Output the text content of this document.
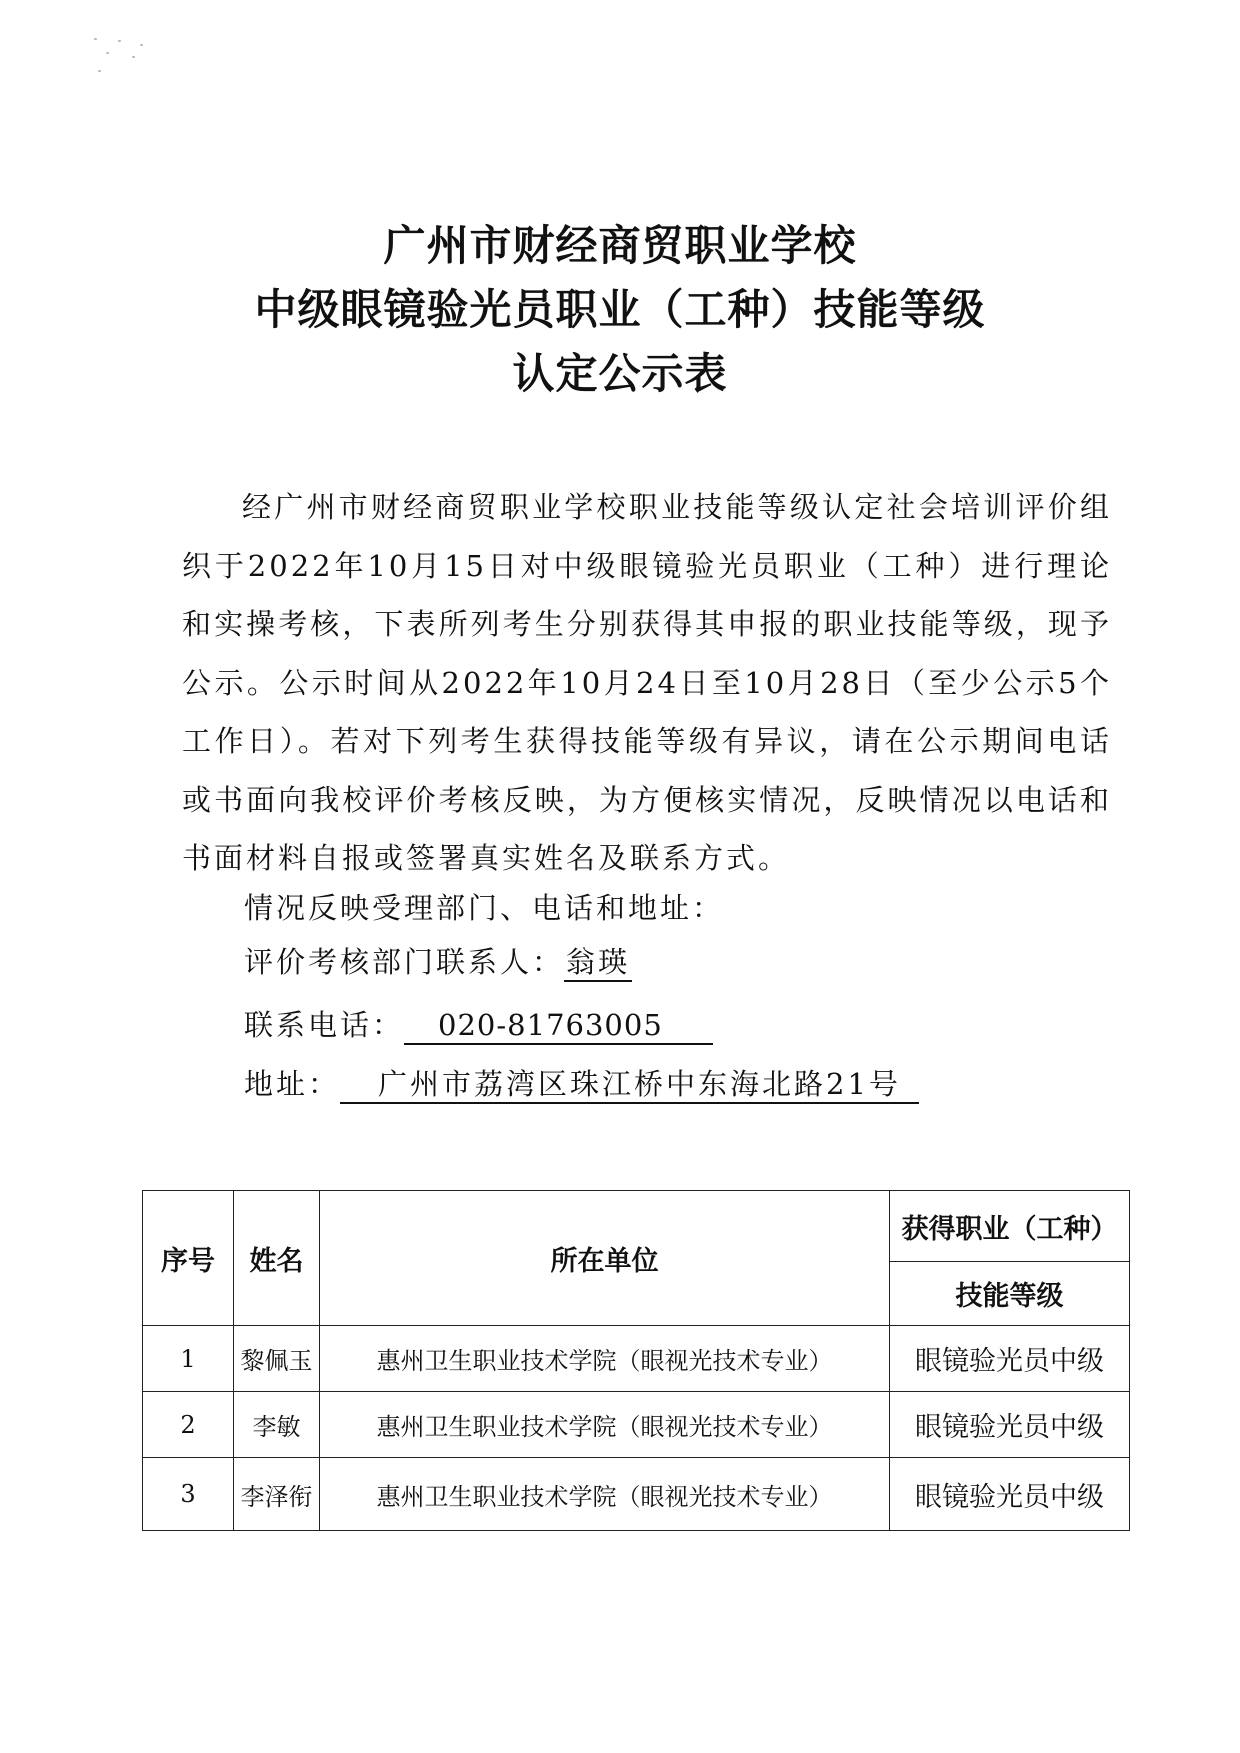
广州市财经商贸职业学校
中级眼镜验光员职业（工种）技能等级
认定公示表

经广州市财经商贸职业学校职业技能等级认定社会培训评价组织于2022年10月15日对中级眼镜验光员职业（工种）进行理论和实操考核，下表所列考生分别获得其申报的职业技能等级，现予公示。公示时间从2022年10月24日至10月28日（至少公示5个工作日）。若对下列考生获得技能等级有异议，请在公示期间电话或书面向我校评价考核反映，为方便核实情况，反映情况以电话和书面材料自报或签署真实姓名及联系方式。

情况反映受理部门、电话和地址：
评价考核部门联系人：翁瑛
联系电话： 020-81763005
地址： 广州市荔湾区珠江桥中东海北路21号
序号	姓名	所在单位	获得职业（工种）
			技能等级
1	黎佩玉	惠州卫生职业技术学院（眼视光技术专业）	眼镜验光员中级
2	李敏	惠州卫生职业技术学院（眼视光技术专业）	眼镜验光员中级
3	李泽衔	惠州卫生职业技术学院（眼视光技术专业）	眼镜验光员中级
